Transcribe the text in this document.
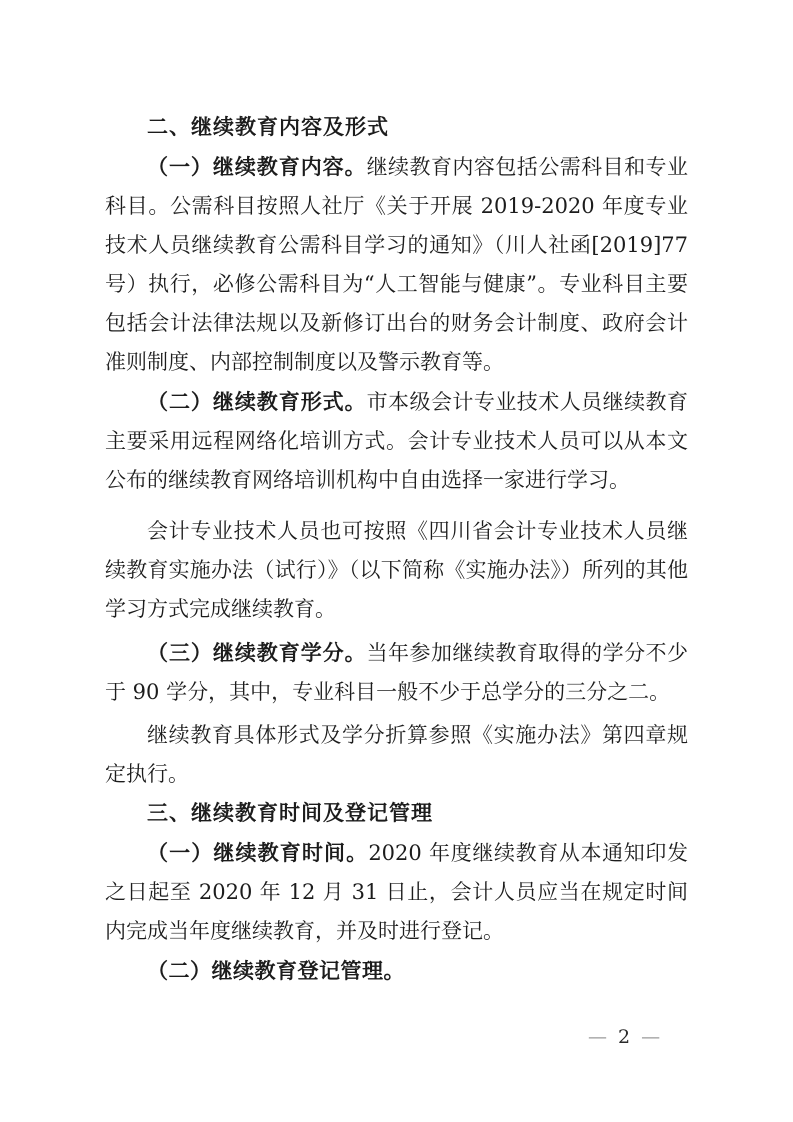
二、继续教育内容及形式

（一）继续教育内容。继续教育内容包括公需科目和专业科目。公需科目按照人社厅《关于开展 2019-2020 年度专业技术人员继续教育公需科目学习的通知》（川人社函[2019]77 号）执行，必修公需科目为“人工智能与健康”。专业科目主要包括会计法律法规以及新修订出台的财务会计制度、政府会计准则制度、内部控制制度以及警示教育等。

（二）继续教育形式。市本级会计专业技术人员继续教育主要采用远程网络化培训方式。会计专业技术人员可以从本文公布的继续教育网络培训机构中自由选择一家进行学习。

会计专业技术人员也可按照《四川省会计专业技术人员继续教育实施办法（试行）》（以下简称《实施办法》）所列的其他学习方式完成继续教育。

（三）继续教育学分。当年参加继续教育取得的学分不少于 90 学分，其中，专业科目一般不少于总学分的三分之二。

继续教育具体形式及学分折算参照《实施办法》第四章规定执行。

三、继续教育时间及登记管理

（一）继续教育时间。2020 年度继续教育从本通知印发之日起至 2020 年 12 月 31 日止，会计人员应当在规定时间内完成当年度继续教育，并及时进行登记。

（二）继续教育登记管理。

— 2 —
